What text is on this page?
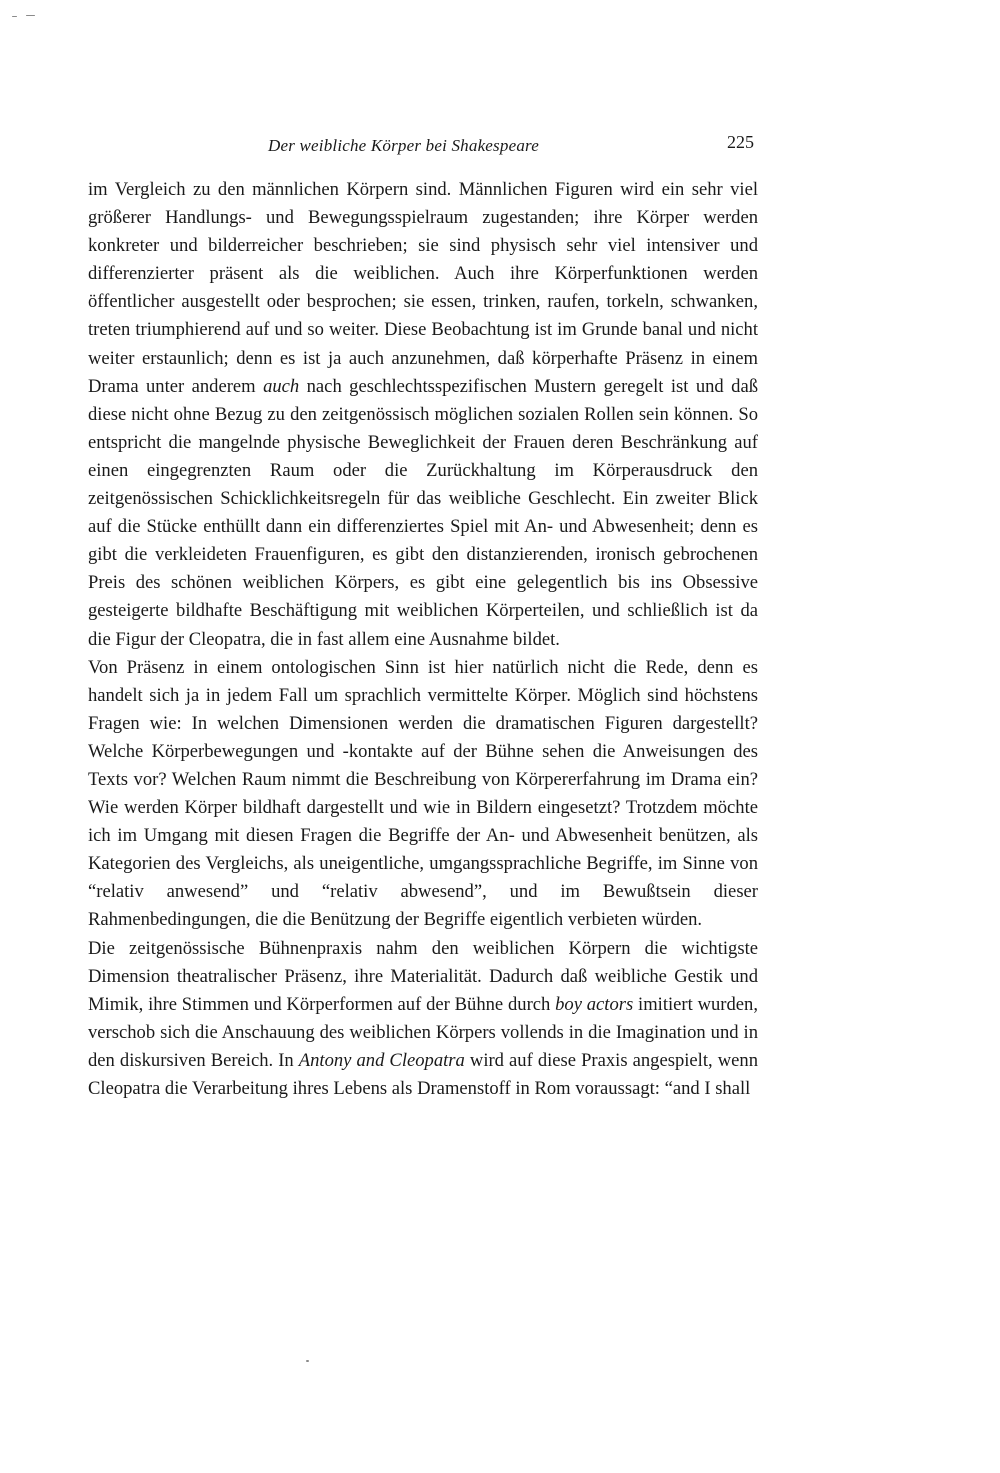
Der weibliche Körper bei Shakespeare	225

im Vergleich zu den männlichen Körpern sind. Männlichen Figuren wird ein sehr viel größerer Handlungs- und Bewegungsspielraum zugestanden; ihre Körper werden konkreter und bilderreicher beschrieben; sie sind physisch sehr viel intensiver und differenzierter präsent als die weiblichen. Auch ihre Körperfunktionen werden öffentlicher ausgestellt oder besprochen; sie essen, trinken, raufen, torkeln, schwanken, treten triumphierend auf und so weiter. Diese Beobachtung ist im Grunde banal und nicht weiter erstaunlich; denn es ist ja auch anzunehmen, daß körperhafte Präsenz in einem Drama unter anderem auch nach geschlechtsspezifischen Mustern geregelt ist und daß diese nicht ohne Bezug zu den zeitgenössisch möglichen sozialen Rollen sein können. So entspricht die mangelnde physische Beweglichkeit der Frauen deren Beschränkung auf einen eingegrenzten Raum oder die Zurückhaltung im Körperausdruck den zeitgenössischen Schicklichkeitsregeln für das weibliche Geschlecht. Ein zweiter Blick auf die Stücke enthüllt dann ein differenziertes Spiel mit An- und Abwesenheit; denn es gibt die verkleideten Frauenfiguren, es gibt den distanzierenden, ironisch gebrochenen Preis des schönen weiblichen Körpers, es gibt eine gelegentlich bis ins Obsessive gesteigerte bildhafte Beschäftigung mit weiblichen Körperteilen, und schließlich ist da die Figur der Cleopatra, die in fast allem eine Ausnahme bildet.

Von Präsenz in einem ontologischen Sinn ist hier natürlich nicht die Rede, denn es handelt sich ja in jedem Fall um sprachlich vermittelte Körper. Möglich sind höchstens Fragen wie: In welchen Dimensionen werden die dramatischen Figuren dargestellt? Welche Körperbewegungen und -kontakte auf der Bühne sehen die Anweisungen des Texts vor? Welchen Raum nimmt die Beschreibung von Körpererfahrung im Drama ein? Wie werden Körper bildhaft dargestellt und wie in Bildern eingesetzt? Trotzdem möchte ich im Umgang mit diesen Fragen die Begriffe der An- und Abwesenheit benützen, als Kategorien des Vergleichs, als uneigentliche, umgangssprachliche Begriffe, im Sinne von “relativ anwesend” und “relativ abwesend”, und im Bewußtsein dieser Rahmenbedingungen, die die Benützung der Begriffe eigentlich verbieten würden.

Die zeitgenössische Bühnenpraxis nahm den weiblichen Körpern die wichtigste Dimension theatralischer Präsenz, ihre Materialität. Dadurch daß weibliche Gestik und Mimik, ihre Stimmen und Körperformen auf der Bühne durch boy actors imitiert wurden, verschob sich die Anschauung des weiblichen Körpers vollends in die Imagination und in den diskursiven Bereich. In Antony and Cleopatra wird auf diese Praxis angespielt, wenn Cleopatra die Verarbeitung ihres Lebens als Dramenstoff in Rom voraussagt: “and I shall
